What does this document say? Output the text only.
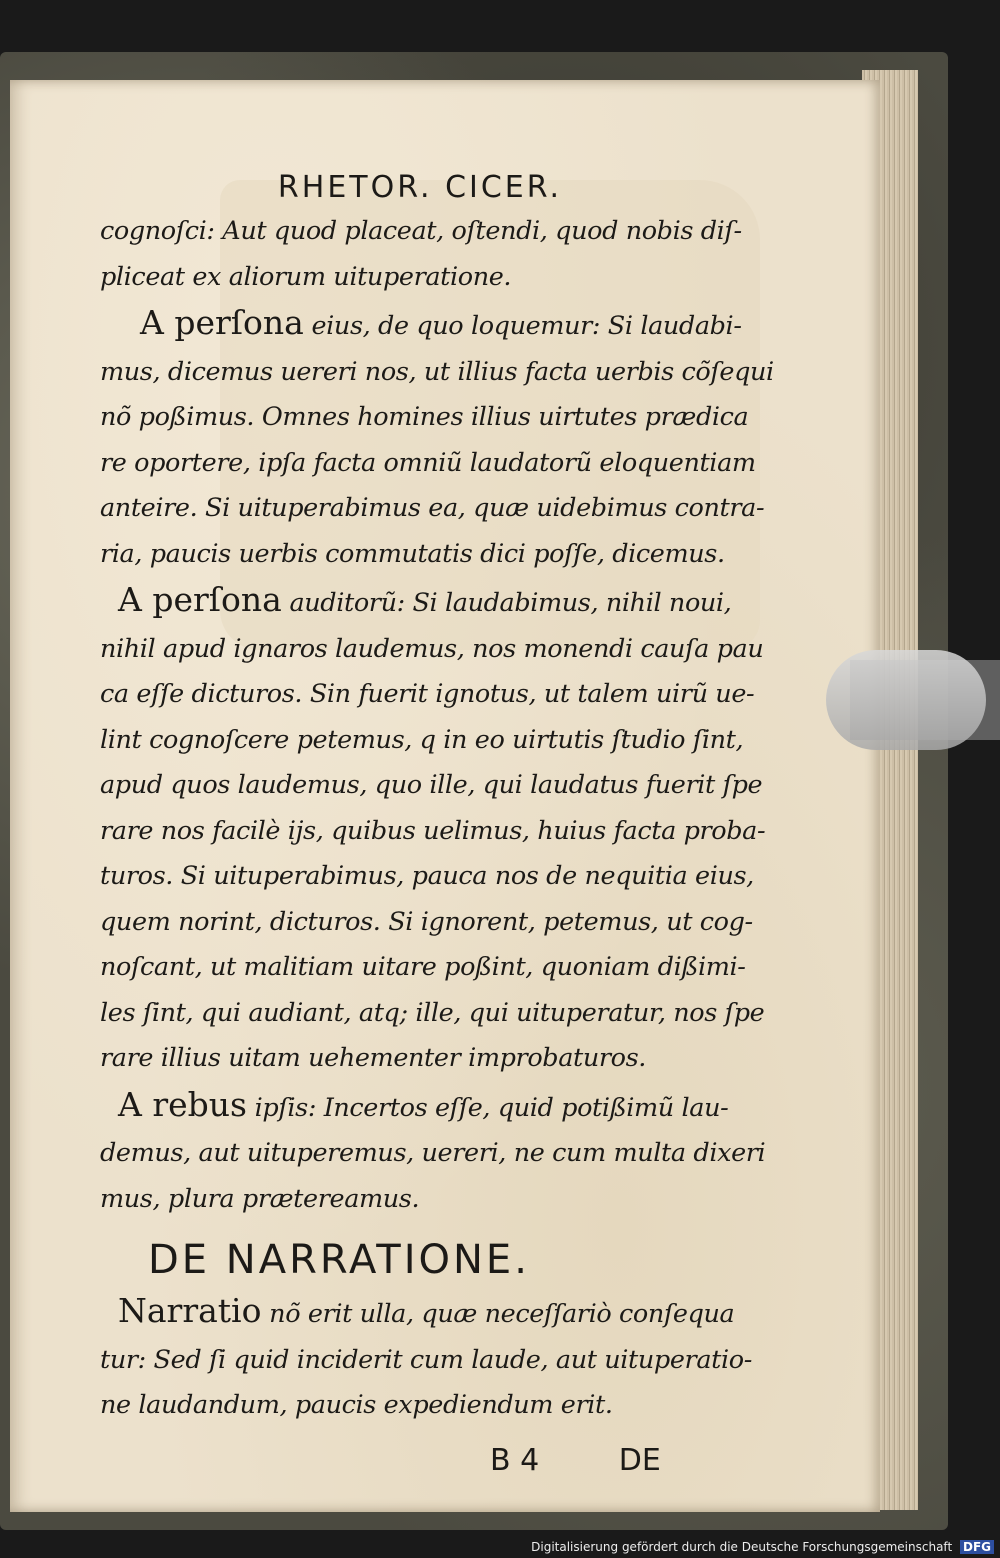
RHETOR. CICER.
cognoſci: Aut quod placeat, oſtendi, quod nobis diſ-
pliceat ex aliorum uituperatione.
A perſona eius, de quo loquemur: Si laudabi-
mus, dicemus uereri nos, ut illius facta uerbis cõſequi
nõ poßimus. Omnes homines illius uirtutes prædica
re oportere, ipſa facta omniũ laudatorũ eloquentiam
anteire. Si uituperabimus ea, quæ uidebimus contra-
ria, paucis uerbis commutatis dici poſſe, dicemus.
A perſona auditorũ: Si laudabimus, nihil noui,
nihil apud ignaros laudemus, nos monendi cauſa pau
ca eſſe dicturos. Sin fuerit ignotus, ut talem uirũ ue-
lint cognoſcere petemus, q in eo uirtutis ſtudio ſint,
apud quos laudemus, quo ille, qui laudatus fuerit ſpe
rare nos facilè iјs, quibus uelimus, huius facta proba-
turos. Si uituperabimus, pauca nos de nequitia eius,
quem norint, dicturos. Si ignorent, petemus, ut cog-
noſcant, ut malitiam uitare poßint, quoniam dißimi-
les ſint, qui audiant, atq; ille, qui uituperatur, nos ſpe
rare illius uitam uehementer improbaturos.
A rebus ipſis: Incertos eſſe, quid potißimũ lau-
demus, aut uituperemus, uereri, ne cum multa dixeri
mus, plura prætereamus.
DE NARRATIONE.
Narratio nõ erit ulla, quæ neceſſariò conſequa
tur: Sed ſi quid inciderit cum laude, aut uituperatio-
ne laudandum, paucis expediendum erit.
B 4	DE
Digitalisierung gefördert durch die Deutsche Forschungsgemeinschaft DFG
